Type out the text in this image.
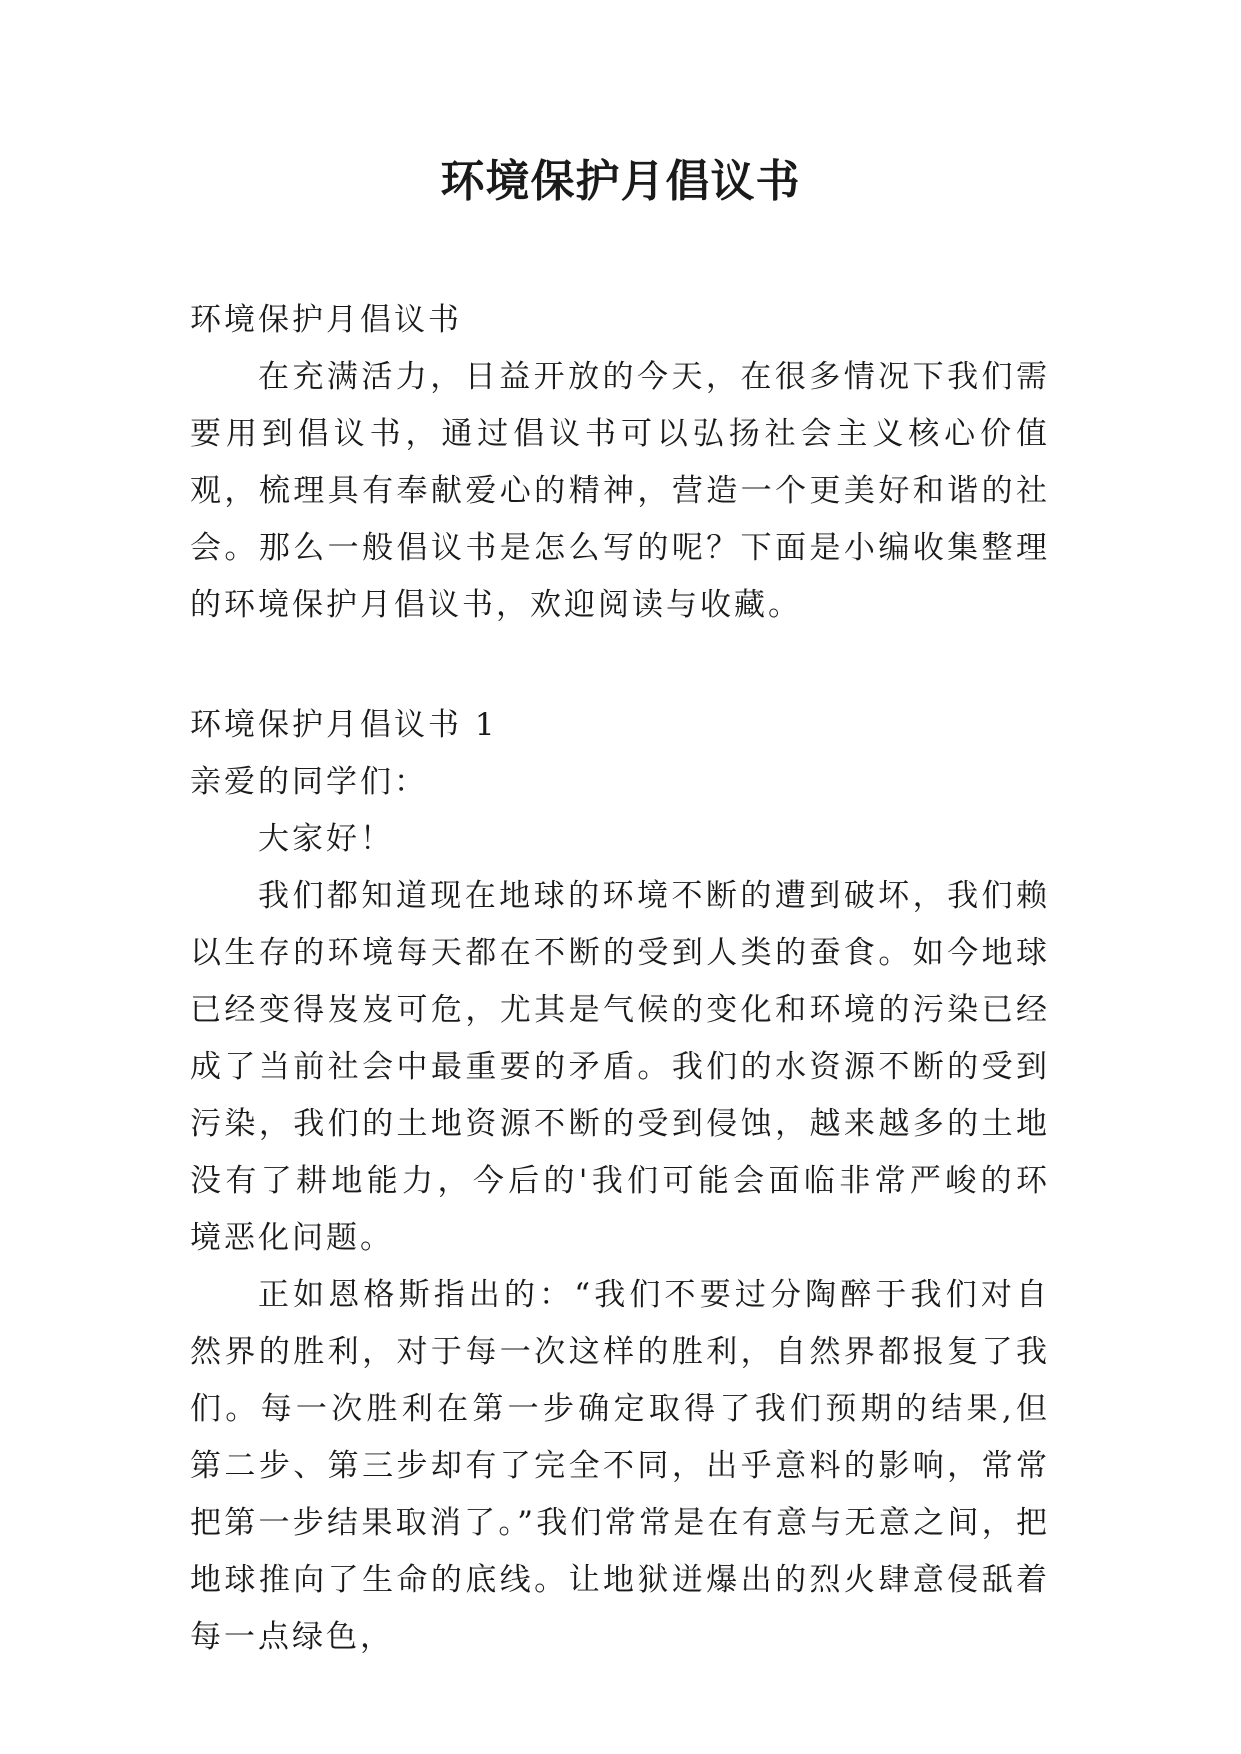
环境保护月倡议书

环境保护月倡议书

在充满活力，日益开放的今天，在很多情况下我们需要用到倡议书，通过倡议书可以弘扬社会主义核心价值观，梳理具有奉献爱心的精神，营造一个更美好和谐的社会。那么一般倡议书是怎么写的呢？下面是小编收集整理的环境保护月倡议书，欢迎阅读与收藏。

环境保护月倡议书 1

亲爱的同学们：

大家好！

我们都知道现在地球的环境不断的遭到破坏，我们赖以生存的环境每天都在不断的受到人类的蚕食。如今地球已经变得岌岌可危，尤其是气候的变化和环境的污染已经成了当前社会中最重要的矛盾。我们的水资源不断的受到污染，我们的土地资源不断的受到侵蚀，越来越多的土地没有了耕地能力，今后的'我们可能会面临非常严峻的环境恶化问题。

正如恩格斯指出的：“我们不要过分陶醉于我们对自然界的胜利，对于每一次这样的胜利，自然界都报复了我们。每一次胜利在第一步确定取得了我们预期的结果,但第二步、第三步却有了完全不同，出乎意料的影响，常常把第一步结果取消了。”我们常常是在有意与无意之间，把地球推向了生命的底线。让地狱迸爆出的烈火肆意侵舐着每一点绿色，
